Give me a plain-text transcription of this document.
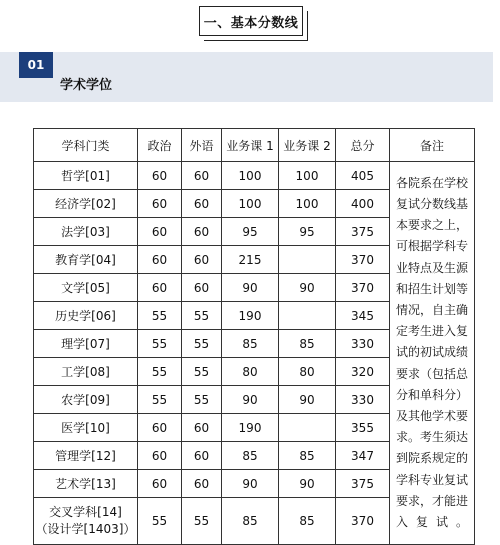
一、基本分数线
01
学术学位
学科门类	政治	外语	业务课 1	业务课 2	总分	备注
哲学[01]	60	60	100	100	405	各院系在学校复试分数线基本要求之上，可根据学科专业特点及生源和招生计划等情况，自主确定考生进入复试的初试成绩要求（包括总分和单科分）及其他学术要求。考生须达到院系规定的学科专业复试要求，才能进入复试。
经济学[02]	60	60	100	100	400	
法学[03]	60	60	95	95	375	
教育学[04]	60	60	215		370	
文学[05]	60	60	90	90	370	
历史学[06]	55	55	190		345	
理学[07]	55	55	85	85	330	
工学[08]	55	55	80	80	320	
农学[09]	55	55	90	90	330	
医学[10]	60	60	190		355	
管理学[12]	60	60	85	85	347	
艺术学[13]	60	60	90	90	375	

交叉学科[14]
（设计学[1403]）	55	55	85	85	370	
